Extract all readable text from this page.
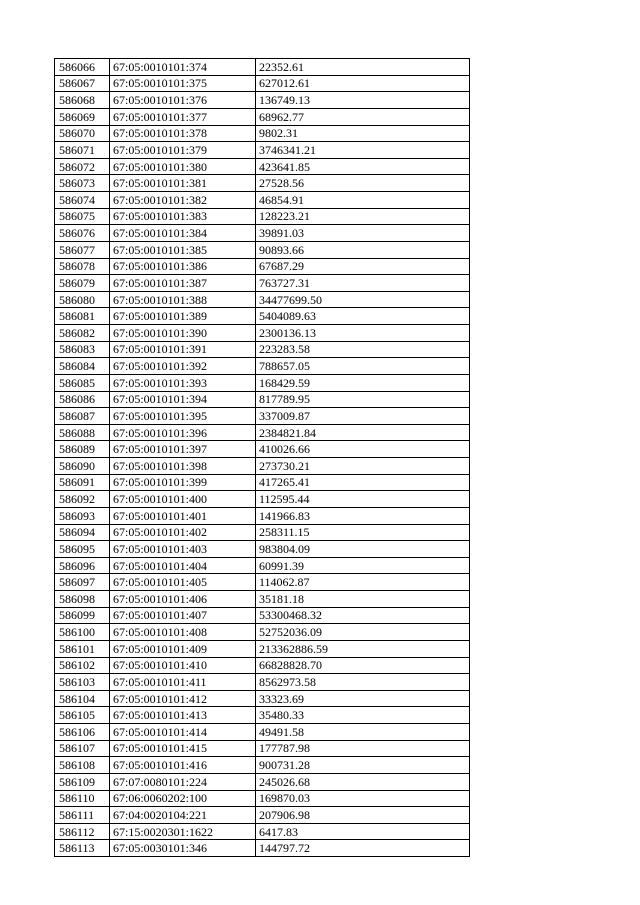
586066	67:05:0010101:374	22352.61
586067	67:05:0010101:375	627012.61
586068	67:05:0010101:376	136749.13
586069	67:05:0010101:377	68962.77
586070	67:05:0010101:378	9802.31
586071	67:05:0010101:379	3746341.21
586072	67:05:0010101:380	423641.85
586073	67:05:0010101:381	27528.56
586074	67:05:0010101:382	46854.91
586075	67:05:0010101:383	128223.21
586076	67:05:0010101:384	39891.03
586077	67:05:0010101:385	90893.66
586078	67:05:0010101:386	67687.29
586079	67:05:0010101:387	763727.31
586080	67:05:0010101:388	34477699.50
586081	67:05:0010101:389	5404089.63
586082	67:05:0010101:390	2300136.13
586083	67:05:0010101:391	223283.58
586084	67:05:0010101:392	788657.05
586085	67:05:0010101:393	168429.59
586086	67:05:0010101:394	817789.95
586087	67:05:0010101:395	337009.87
586088	67:05:0010101:396	2384821.84
586089	67:05:0010101:397	410026.66
586090	67:05:0010101:398	273730.21
586091	67:05:0010101:399	417265.41
586092	67:05:0010101:400	112595.44
586093	67:05:0010101:401	141966.83
586094	67:05:0010101:402	258311.15
586095	67:05:0010101:403	983804.09
586096	67:05:0010101:404	60991.39
586097	67:05:0010101:405	114062.87
586098	67:05:0010101:406	35181.18
586099	67:05:0010101:407	53300468.32
586100	67:05:0010101:408	52752036.09
586101	67:05:0010101:409	213362886.59
586102	67:05:0010101:410	66828828.70
586103	67:05:0010101:411	8562973.58
586104	67:05:0010101:412	33323.69
586105	67:05:0010101:413	35480.33
586106	67:05:0010101:414	49491.58
586107	67:05:0010101:415	177787.98
586108	67:05:0010101:416	900731.28
586109	67:07:0080101:224	245026.68
586110	67:06:0060202:100	169870.03
586111	67:04:0020104:221	207906.98
586112	67:15:0020301:1622	6417.83
586113	67:05:0030101:346	144797.72
